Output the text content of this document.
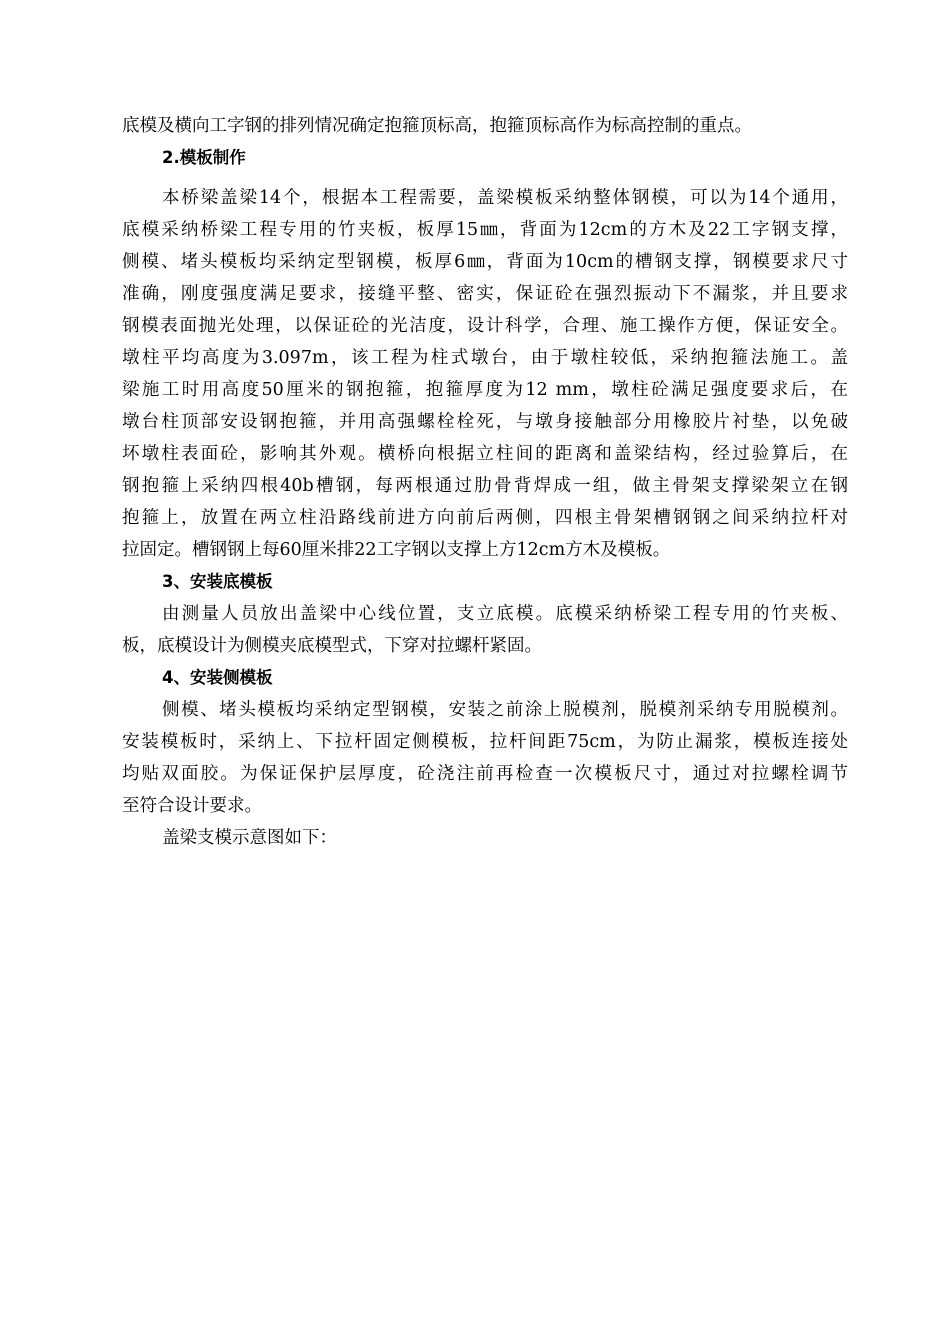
底模及横向工字钢的排列情况确定抱箍顶标高，抱箍顶标高作为标高控制的重点。
2.模板制作
本桥梁盖梁14个，根据本工程需要，盖梁模板采纳整体钢模，可以为14个通用，
底模采纳桥梁工程专用的竹夹板，板厚15㎜，背面为12cm的方木及22工字钢支撑，
侧模、堵头模板均采纳定型钢模，板厚6㎜，背面为10cm的槽钢支撑，钢模要求尺寸
准确，刚度强度满足要求，接缝平整、密实，保证砼在强烈振动下不漏浆，并且要求
钢模表面抛光处理，以保证砼的光洁度，设计科学，合理、施工操作方便，保证安全。
墩柱平均高度为3.097m，该工程为柱式墩台，由于墩柱较低，采纳抱箍法施工。盖
梁施工时用高度50厘米的钢抱箍，抱箍厚度为12 mm，墩柱砼满足强度要求后，在
墩台柱顶部安设钢抱箍，并用高强螺栓栓死，与墩身接触部分用橡胶片衬垫，以免破
坏墩柱表面砼，影响其外观。横桥向根据立柱间的距离和盖梁结构，经过验算后，在
钢抱箍上采纳四根40b槽钢，每两根通过肋骨背焊成一组，做主骨架支撑梁架立在钢
抱箍上，放置在两立柱沿路线前进方向前后两侧，四根主骨架槽钢钢之间采纳拉杆对
拉固定。槽钢钢上每60厘米排22工字钢以支撑上方12cm方木及模板。
3、安装底模板
由测量人员放出盖梁中心线位置，支立底模。底模采纳桥梁工程专用的竹夹板、
板，底模设计为侧模夹底模型式，下穿对拉螺杆紧固。
4、安装侧模板
侧模、堵头模板均采纳定型钢模，安装之前涂上脱模剂，脱模剂采纳专用脱模剂。
安装模板时，采纳上、下拉杆固定侧模板，拉杆间距75cm，为防止漏浆，模板连接处
均贴双面胶。为保证保护层厚度，砼浇注前再检查一次模板尺寸，通过对拉螺栓调节
至符合设计要求。
盖梁支模示意图如下：
